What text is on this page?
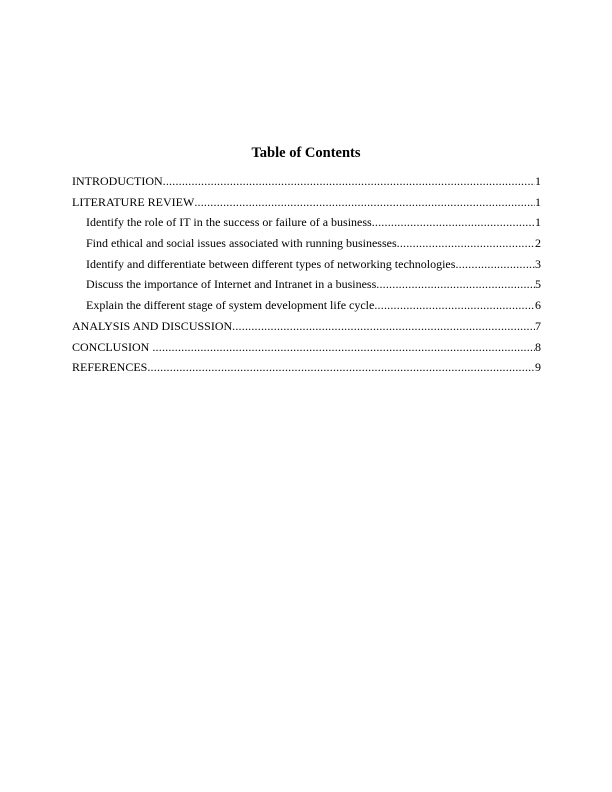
Table of Contents
INTRODUCTION .....	1
LITERATURE REVIEW .....	1
Identify the role of IT in the success or failure of a business .....	1
Find ethical and social issues associated with running businesses .....	2
Identify and differentiate between different types of networking technologies .....	3
Discuss the importance of Internet and Intranet in a business .....	5
Explain the different stage of system development life cycle .....	6
ANALYSIS AND DISCUSSION .....	7
CONCLUSION .....	8
REFERENCES .....	9
